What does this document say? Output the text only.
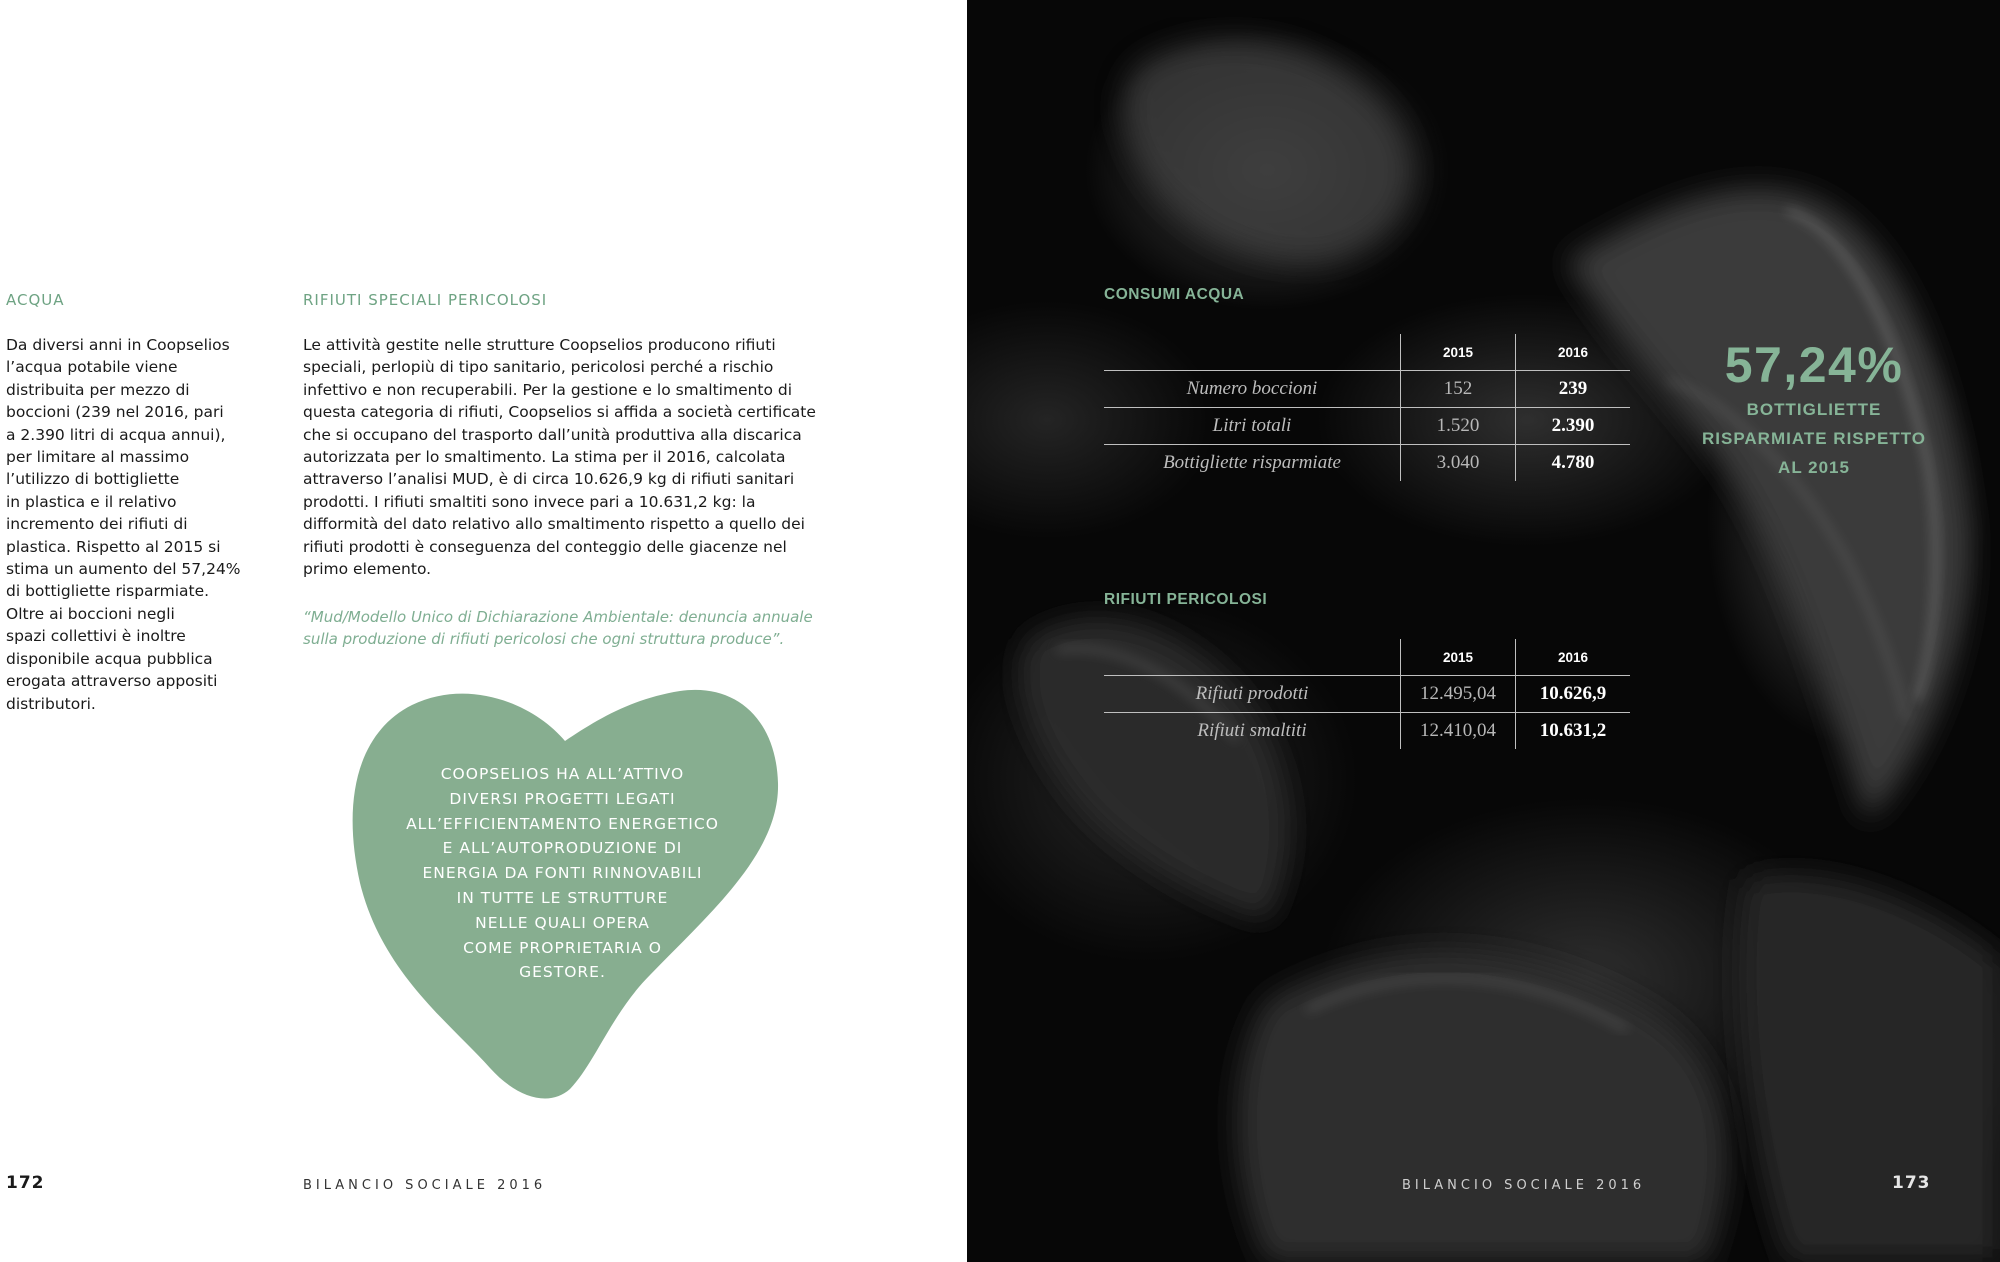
ACQUA

Da diversi anni in Coopselios
l’acqua potabile viene
distribuita per mezzo di
boccioni (239 nel 2016, pari
a 2.390 litri di acqua annui),
per limitare al massimo
l’utilizzo di bottigliette
in plastica e il relativo
incremento dei rifiuti di
plastica. Rispetto al 2015 si
stima un aumento del 57,24%
di bottigliette risparmiate.
Oltre ai boccioni negli
spazi collettivi è inoltre
disponibile acqua pubblica
erogata attraverso appositi
distributori.

RIFIUTI SPECIALI PERICOLOSI

Le attività gestite nelle strutture Coopselios producono rifiuti
speciali, perlopiù di tipo sanitario, pericolosi perché a rischio
infettivo e non recuperabili. Per la gestione e lo smaltimento di
questa categoria di rifiuti, Coopselios si affida a società certificate
che si occupano del trasporto dall’unità produttiva alla discarica
autorizzata per lo smaltimento. La stima per il 2016, calcolata
attraverso l’analisi MUD, è di circa 10.626,9 kg di rifiuti sanitari
prodotti. I rifiuti smaltiti sono invece pari a 10.631,2 kg: la
difformità del dato relativo allo smaltimento rispetto a quello dei
rifiuti prodotti è conseguenza del conteggio delle giacenze nel
primo elemento.

“Mud/Modello Unico di Dichiarazione Ambientale: denuncia annuale
sulla produzione di rifiuti pericolosi che ogni struttura produce”.

COOPSELIOS HA ALL’ATTIVO
DIVERSI PROGETTI LEGATI
ALL’EFFICIENTAMENTO ENERGETICO
E ALL’AUTOPRODUZIONE DI
ENERGIA DA FONTI RINNOVABILI
IN TUTTE LE STRUTTURE
NELLE QUALI OPERA
COME PROPRIETARIA O
GESTORE.
172	BILANCIO SOCIALE 2016
CONSUMI ACQUA
	2015	2016
Numero boccioni	152	239
Litri totali	1.520	2.390
Bottigliette risparmiate	3.040	4.780
57,24%
BOTTIGLIETTE
RISPARMIATE RISPETTO
AL 2015
RIFIUTI PERICOLOSI
	2015	2016
Rifiuti prodotti	12.495,04	10.626,9
Rifiuti smaltiti	12.410,04	10.631,2
BILANCIO SOCIALE 2016	173
